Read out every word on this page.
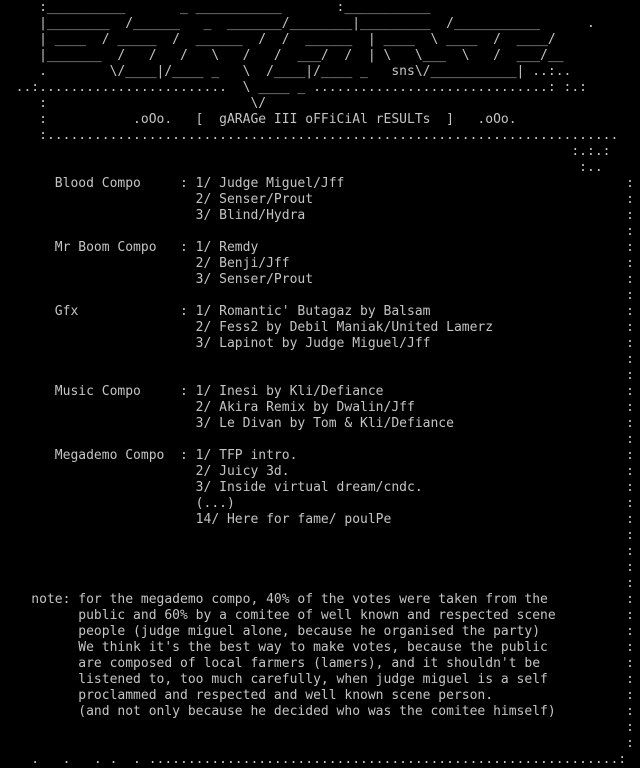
:__________       _ ___________       :___________
|________  /______   _  _______/________|_________  /___________      .
| ____  / _____  /  ______  /  /  ______  | ____  \ ____  /  ____/
|_______  /   /   /   \   /   /  ___/  /  | \   \___  \   /  ___/__
.        \/____|/____ _   \  /____|/____ _   sns\/___________| ..:..
..:........................  \ ____ _ ..............................: :.:
:                          \/
:           .oOo.   [  gARAGe III oFFiCiAl rESULTs  ]   .oOo.
:.........................................................................
:.:.:
:..
Blood Compo     : 1/ Judge Miguel/Jff                                    :
2/ Senser/Prout                                        :
3/ Blind/Hydra                                         :
:
Mr Boom Compo   : 1/ Remdy                                               :
2/ Benji/Jff                                           :
3/ Senser/Prout                                        :
:
Gfx             : 1/ Romantic' Butagaz by Balsam                         :
2/ Fess2 by Debil Maniak/United Lamerz                 :
3/ Lapinot by Judge Miguel/Jff                         :
:
:
Music Compo     : 1/ Inesi by Kli/Defiance                               :
2/ Akira Remix by Dwalin/Jff                           :
3/ Le Divan by Tom & Kli/Defiance                      :
:
Megademo Compo  : 1/ TFP intro.                                          :
2/ Juicy 3d.                                           :
3/ Inside virtual dream/cndc.                          :
(...)                                                  :
14/ Here for fame/ poulPe                              :
:
:
:
:
note: for the megademo compo, 40% of the votes were taken from the          :
public and 60% by a comitee of well known and respected scene         :
people (judge miguel alone, because he organised the party)           :
We think it's the best way to make votes, because the public          :
are composed of local farmers (lamers), and it shouldn't be           :
listened to, too much carefully, when judge miguel is a self          :
proclammed and respected and well known scene person.                 :
(and not only because he decided who was the comitee himself)         :
:
:
.   .   . .  . ............................................................:
